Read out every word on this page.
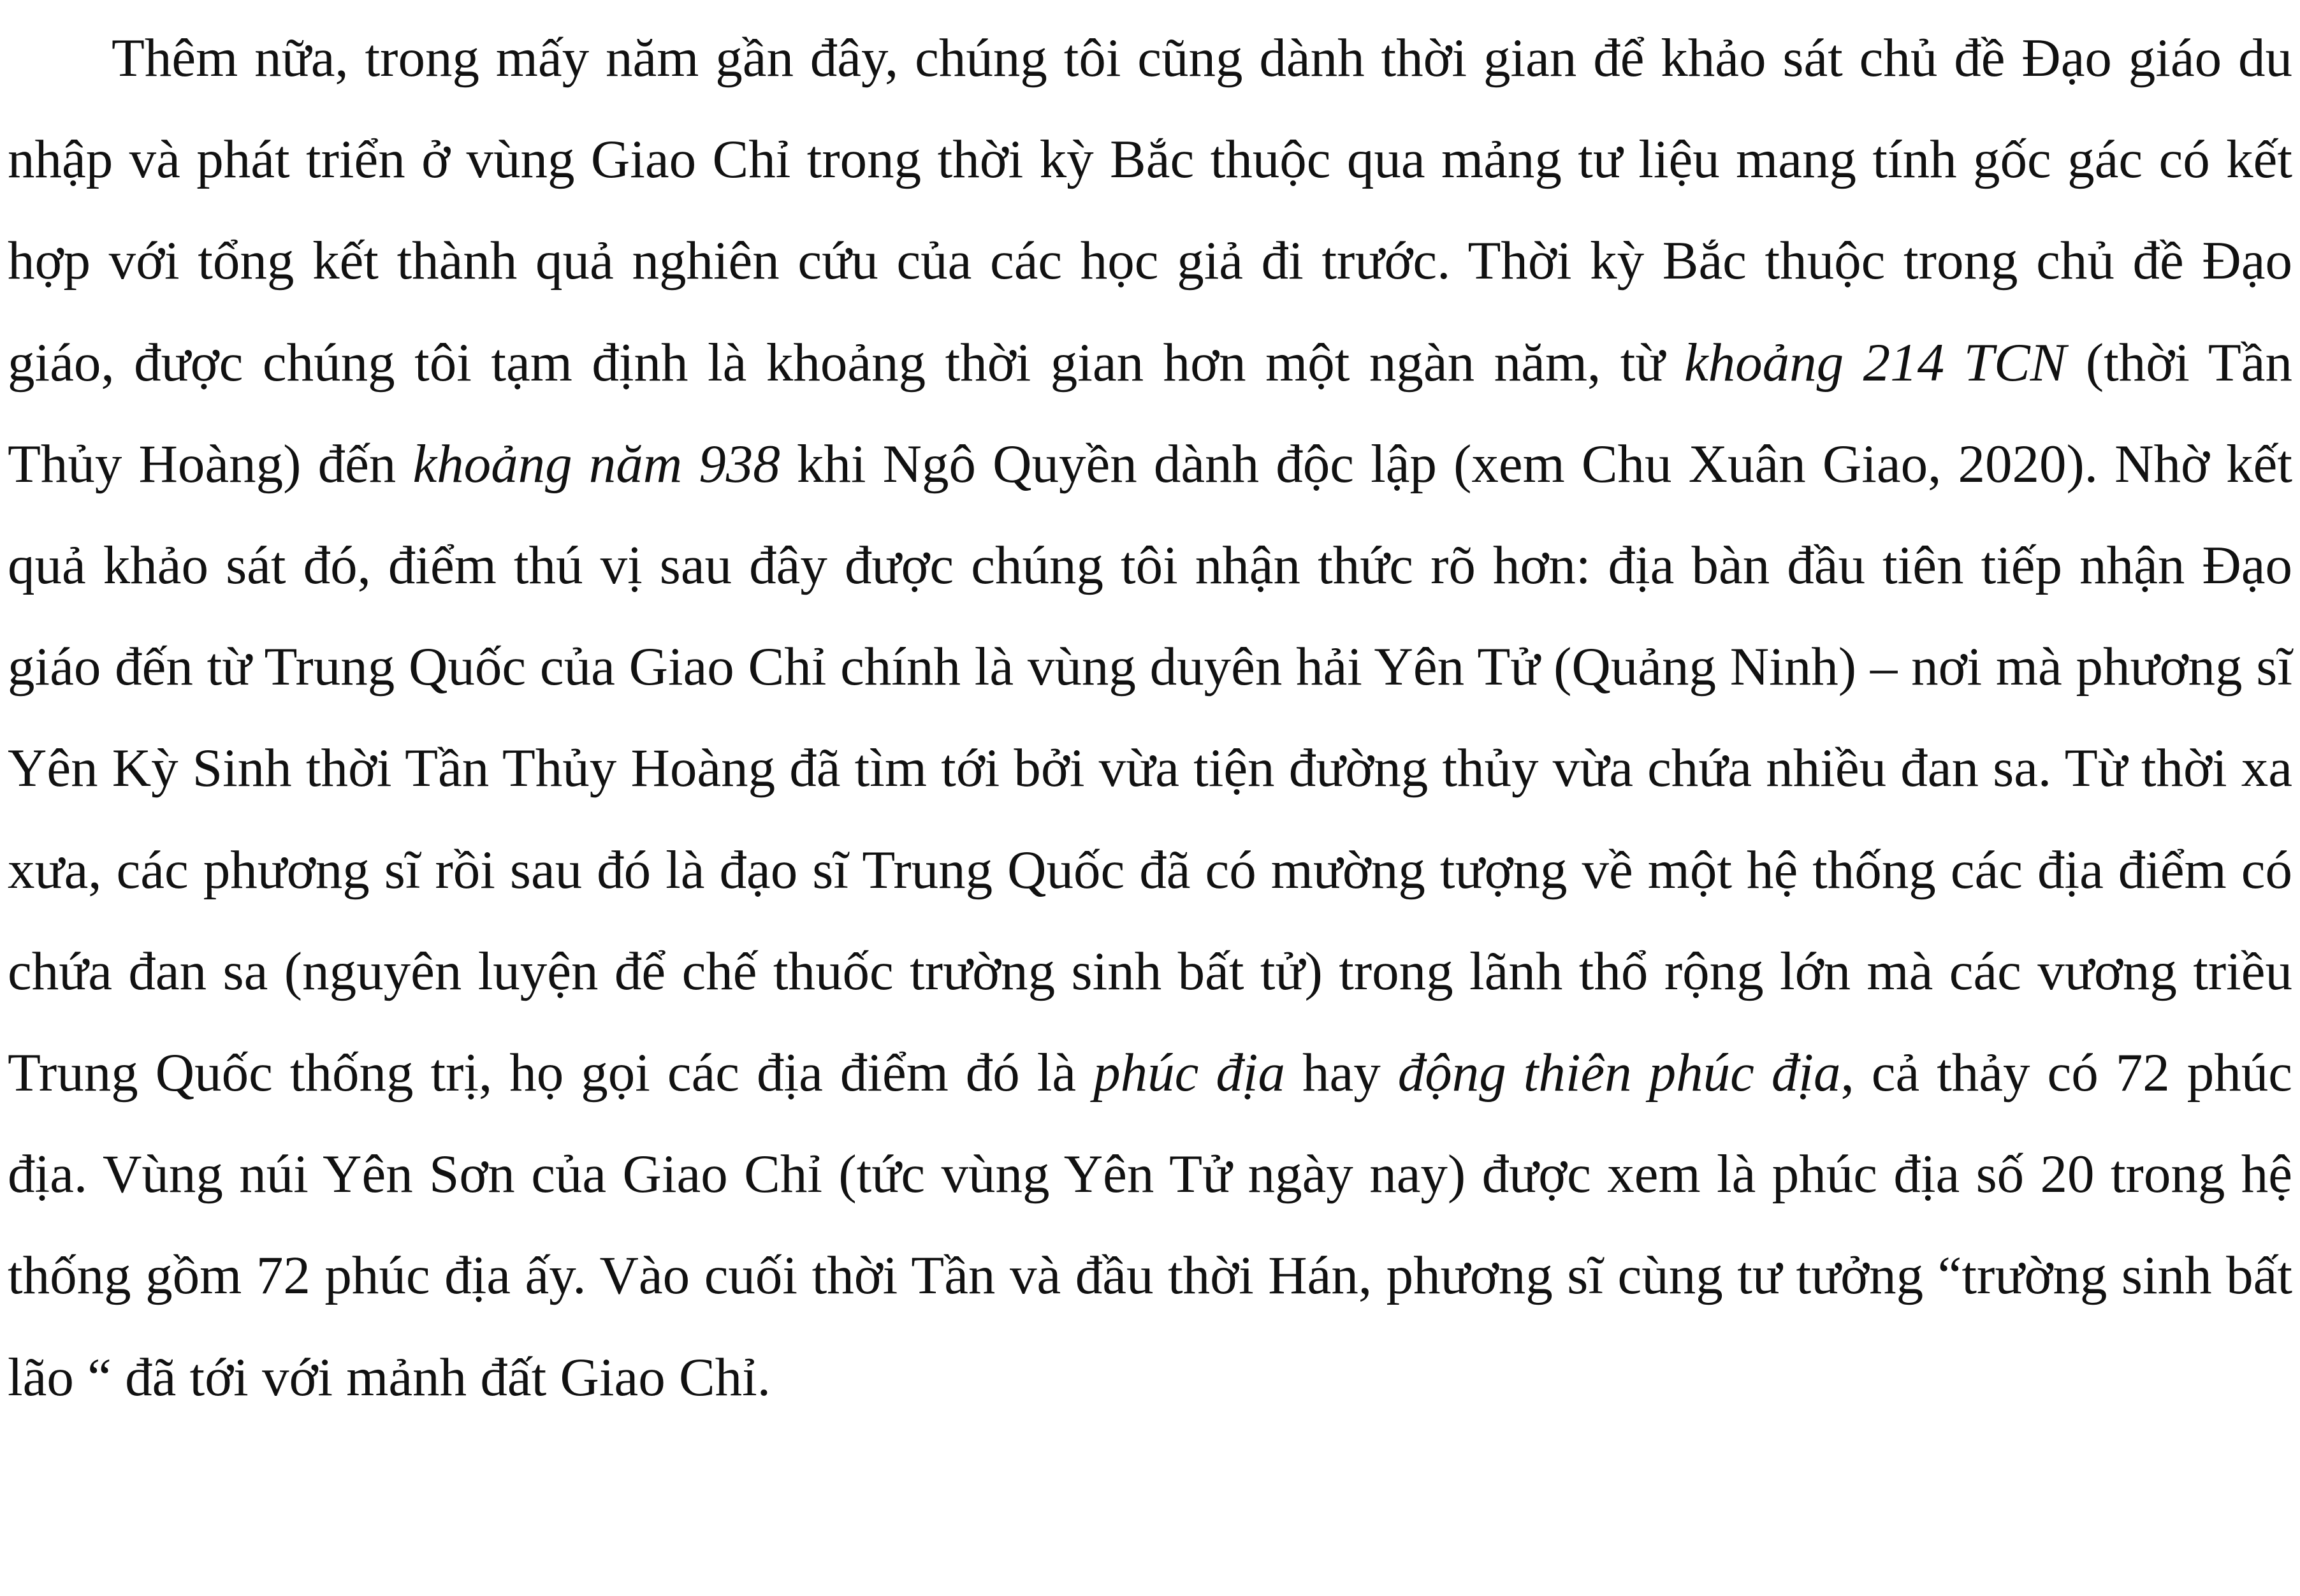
Thêm nữa, trong mấy năm gần đây, chúng tôi cũng dành thời gian để khảo sát chủ đề Đạo giáo du nhập và phát triển ở vùng Giao Chỉ trong thời kỳ Bắc thuộc qua mảng tư liệu mang tính gốc gác có kết hợp với tổng kết thành quả nghiên cứu của các học giả đi trước. Thời kỳ Bắc thuộc trong chủ đề Đạo giáo, được chúng tôi tạm định là khoảng thời gian hơn một ngàn năm, từ khoảng 214 TCN (thời Tần Thủy Hoàng) đến khoảng năm 938 khi Ngô Quyền dành độc lập (xem Chu Xuân Giao, 2020). Nhờ kết quả khảo sát đó, điểm thú vị sau đây được chúng tôi nhận thức rõ hơn: địa bàn đầu tiên tiếp nhận Đạo giáo đến từ Trung Quốc của Giao Chỉ chính là vùng duyên hải Yên Tử (Quảng Ninh) – nơi mà phương sĩ Yên Kỳ Sinh thời Tần Thủy Hoàng đã tìm tới bởi vừa tiện đường thủy vừa chứa nhiều đan sa. Từ thời xa xưa, các phương sĩ rồi sau đó là đạo sĩ Trung Quốc đã có mường tượng về một hệ thống các địa điểm có chứa đan sa (nguyên luyện để chế thuốc trường sinh bất tử) trong lãnh thổ rộng lớn mà các vương triều Trung Quốc thống trị, họ gọi các địa điểm đó là phúc địa hay động thiên phúc địa, cả thảy có 72 phúc địa. Vùng núi Yên Sơn của Giao Chỉ (tức vùng Yên Tử ngày nay) được xem là phúc địa số 20 trong hệ thống gồm 72 phúc địa ấy. Vào cuối thời Tần và đầu thời Hán, phương sĩ cùng tư tưởng “trường sinh bất lão “ đã tới với mảnh đất Giao Chỉ.
